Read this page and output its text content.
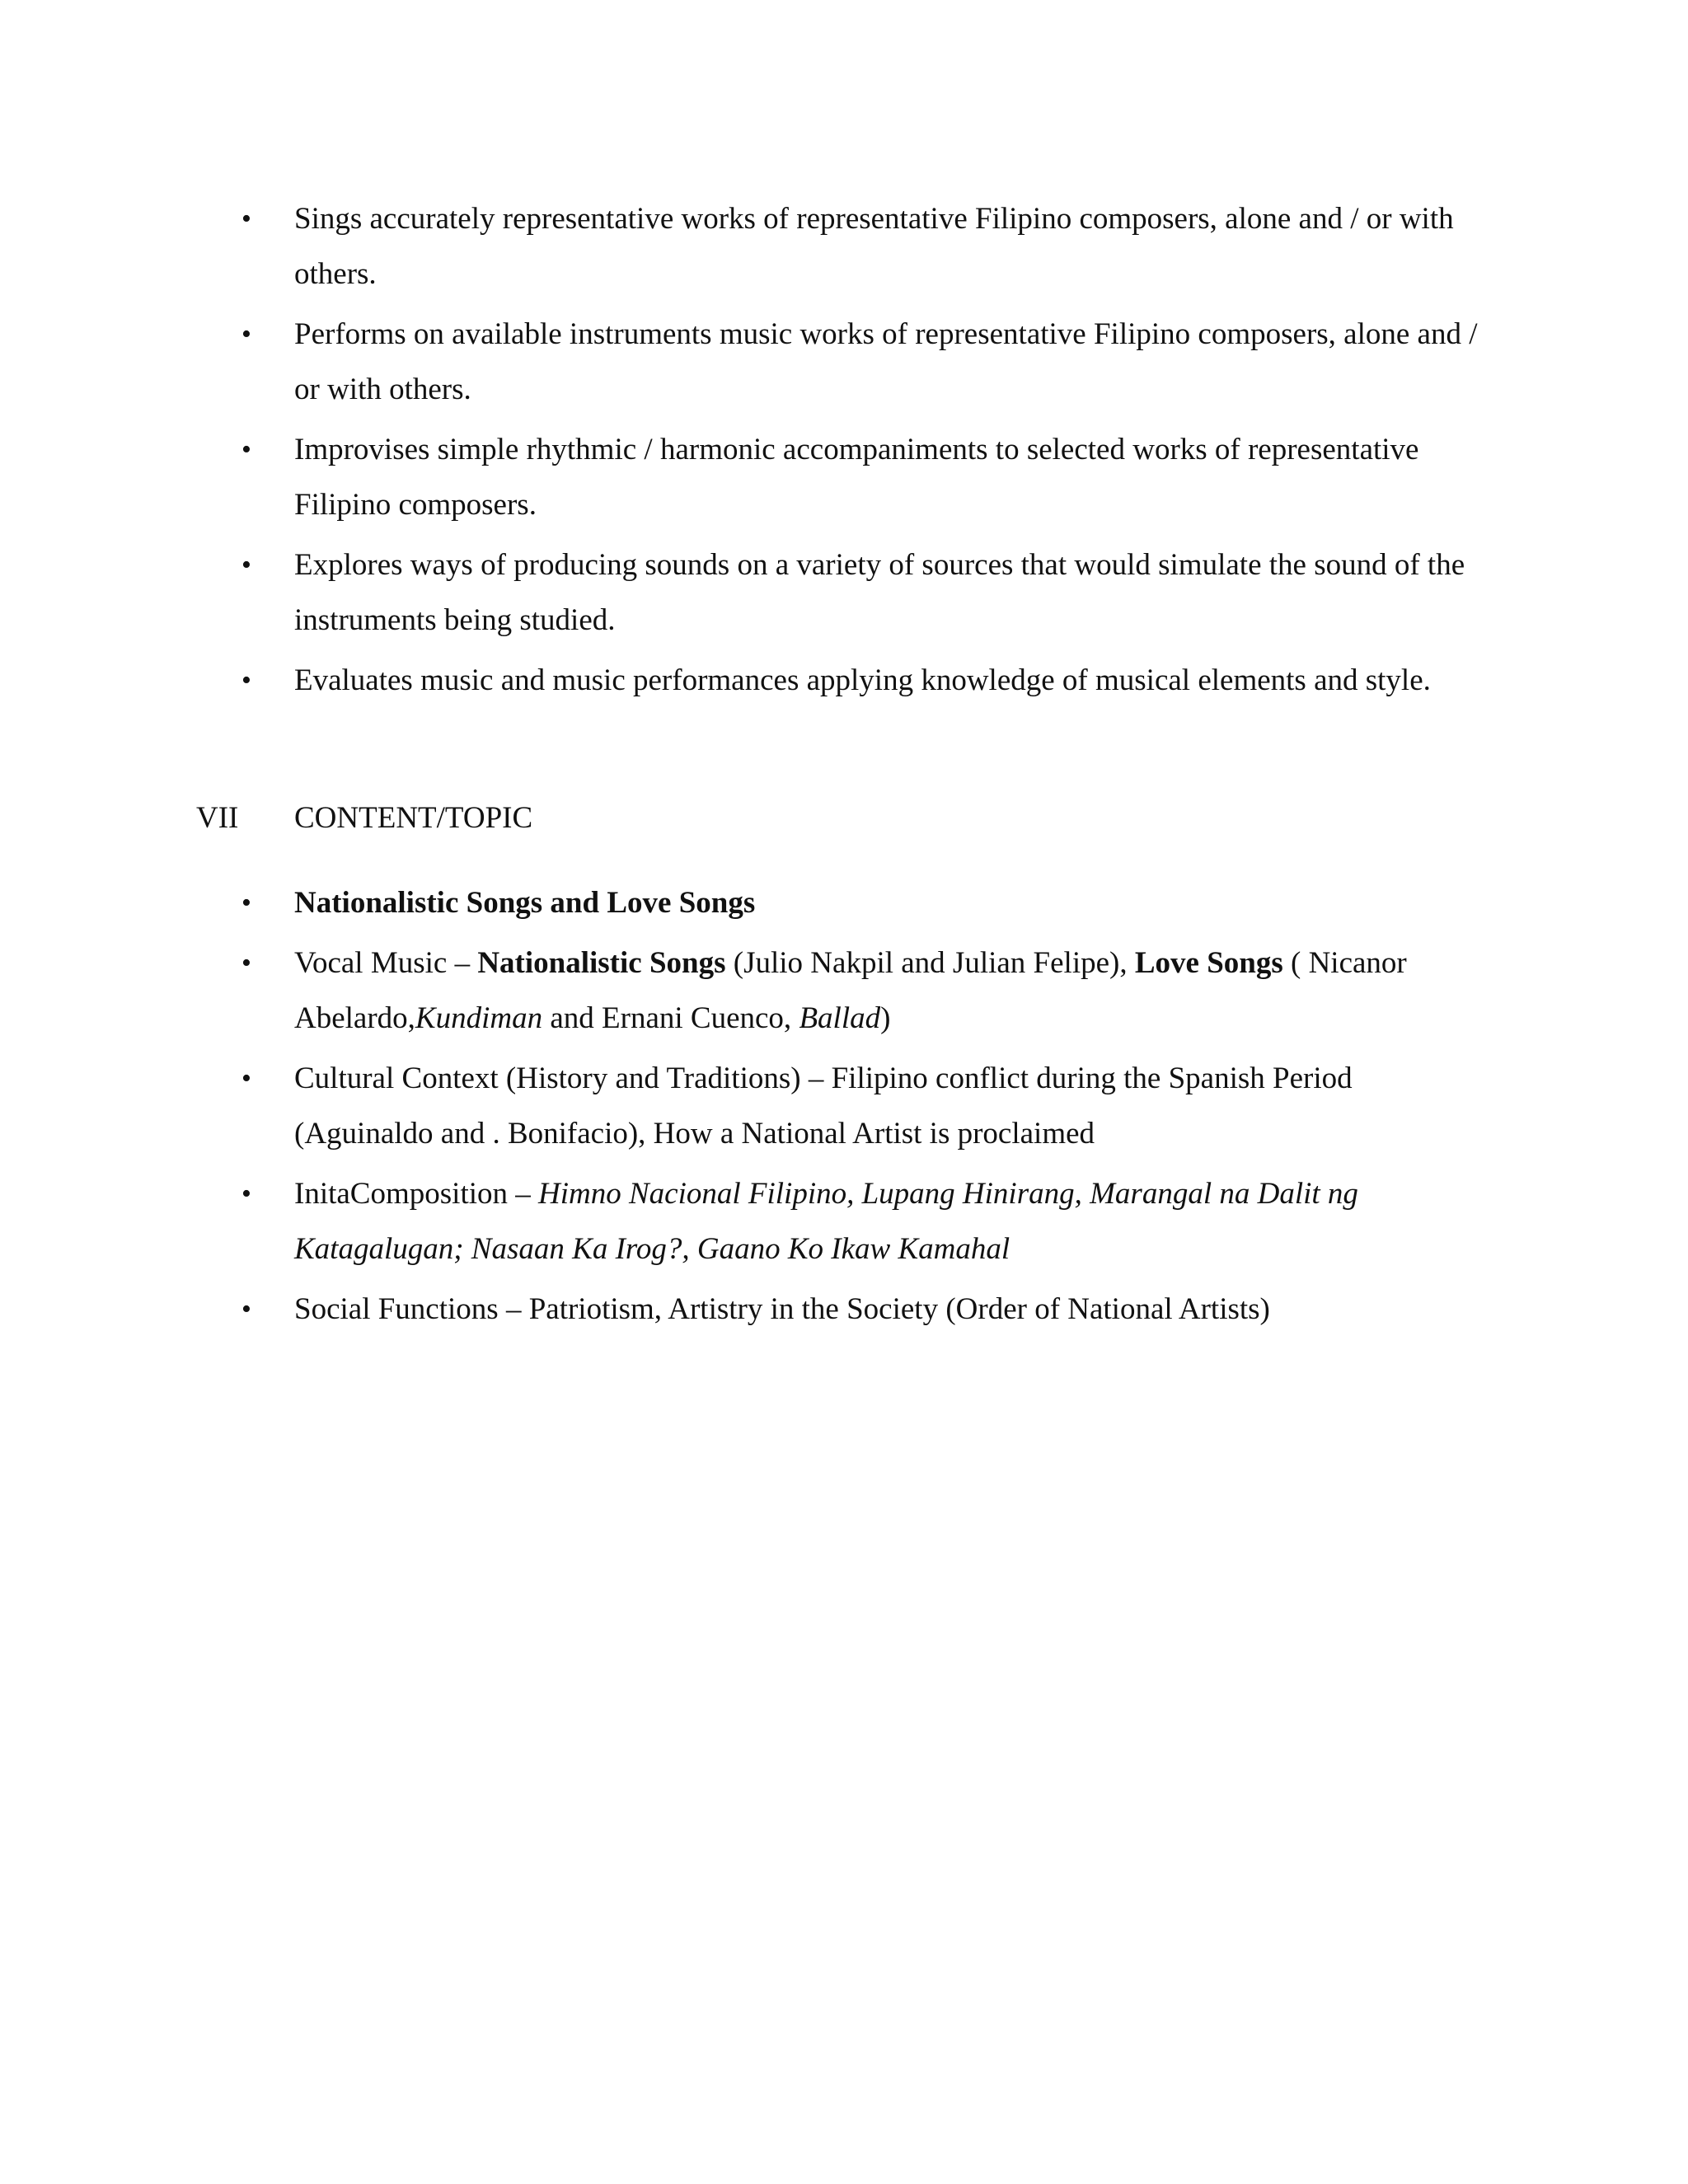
• Sings accurately representative works of representative Filipino composers, alone and / or with others.
• Performs on available instruments music works of representative Filipino composers, alone and / or with others.
• Improvises simple rhythmic / harmonic accompaniments to selected works of representative Filipino composers.
• Explores ways of producing sounds on a variety of sources that would simulate the sound of the instruments being studied.
• Evaluates music and music performances applying knowledge of musical elements and style.
VII CONTENT/TOPIC
• Nationalistic Songs and Love Songs
• Vocal Music – Nationalistic Songs (Julio Nakpil and Julian Felipe), Love Songs ( Nicanor Abelardo,Kundiman and Ernani Cuenco, Ballad)
• Cultural Context (History and Traditions) – Filipino conflict during the Spanish Period (Aguinaldo and . Bonifacio), How a National Artist is proclaimed
• InitaComposition – Himno Nacional Filipino, Lupang Hinirang, Marangal na Dalit ng Katagalugan; Nasaan Ka Irog?, Gaano Ko Ikaw Kamahal
• Social Functions – Patriotism, Artistry in the Society (Order of National Artists)
